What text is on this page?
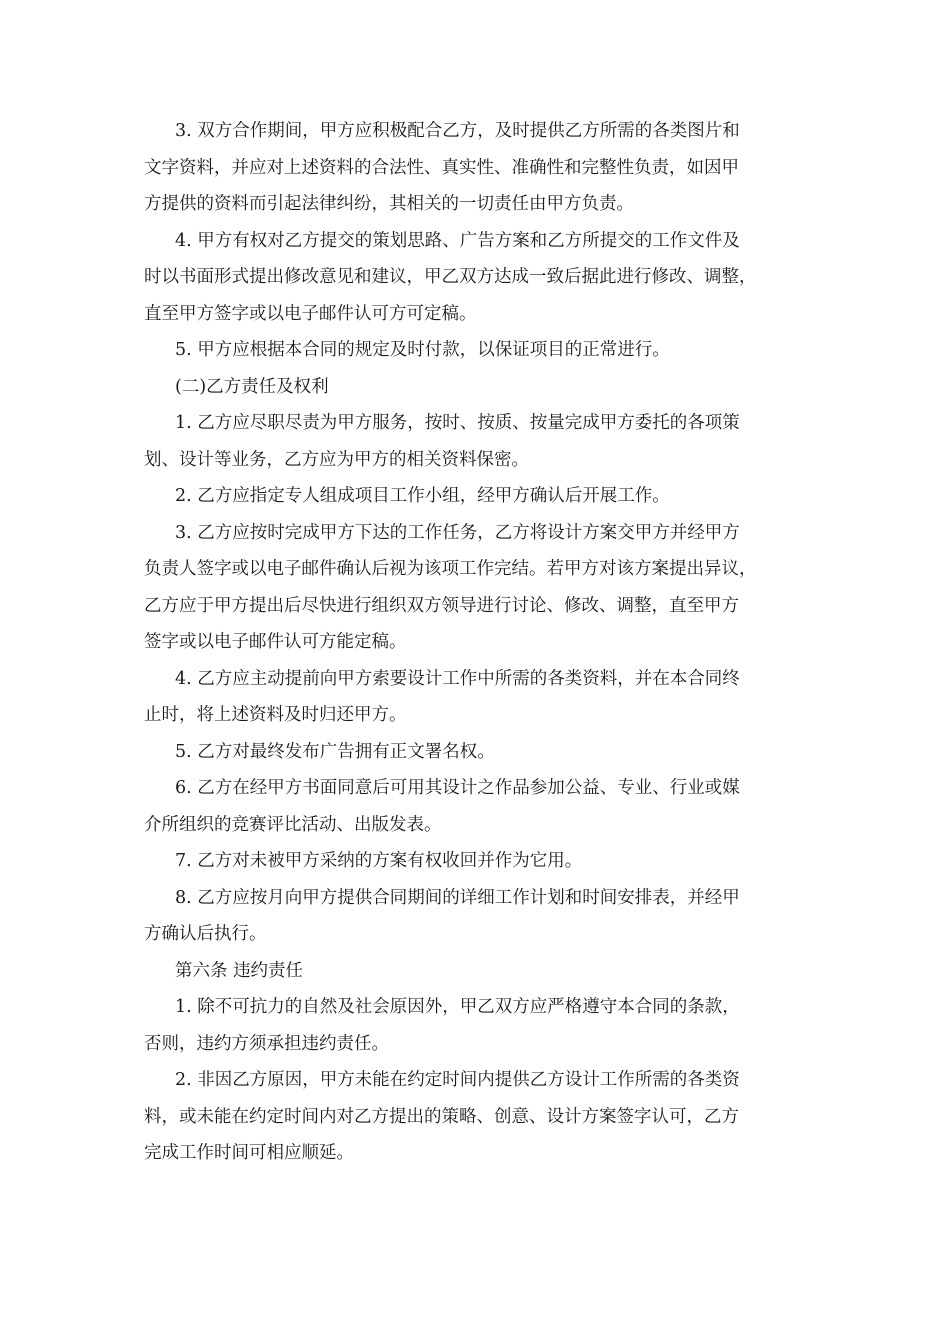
3. 双方合作期间，甲方应积极配合乙方，及时提供乙方所需的各类图片和
文字资料，并应对上述资料的合法性、真实性、准确性和完整性负责，如因甲
方提供的资料而引起法律纠纷，其相关的一切责任由甲方负责。
4. 甲方有权对乙方提交的策划思路、广告方案和乙方所提交的工作文件及
时以书面形式提出修改意见和建议，甲乙双方达成一致后据此进行修改、调整，
直至甲方签字或以电子邮件认可方可定稿。
5. 甲方应根据本合同的规定及时付款，以保证项目的正常进行。
(二)乙方责任及权利
1. 乙方应尽职尽责为甲方服务，按时、按质、按量完成甲方委托的各项策
划、设计等业务，乙方应为甲方的相关资料保密。
2. 乙方应指定专人组成项目工作小组，经甲方确认后开展工作。
3. 乙方应按时完成甲方下达的工作任务，乙方将设计方案交甲方并经甲方
负责人签字或以电子邮件确认后视为该项工作完结。若甲方对该方案提出异议，
乙方应于甲方提出后尽快进行组织双方领导进行讨论、修改、调整，直至甲方
签字或以电子邮件认可方能定稿。
4. 乙方应主动提前向甲方索要设计工作中所需的各类资料，并在本合同终
止时，将上述资料及时归还甲方。
5. 乙方对最终发布广告拥有正文署名权。
6. 乙方在经甲方书面同意后可用其设计之作品参加公益、专业、行业或媒
介所组织的竞赛评比活动、出版发表。
7. 乙方对未被甲方采纳的方案有权收回并作为它用。
8. 乙方应按月向甲方提供合同期间的详细工作计划和时间安排表，并经甲
方确认后执行。
第六条 违约责任
1. 除不可抗力的自然及社会原因外，甲乙双方应严格遵守本合同的条款，
否则，违约方须承担违约责任。
2. 非因乙方原因，甲方未能在约定时间内提供乙方设计工作所需的各类资
料，或未能在约定时间内对乙方提出的策略、创意、设计方案签字认可，乙方
完成工作时间可相应顺延。
